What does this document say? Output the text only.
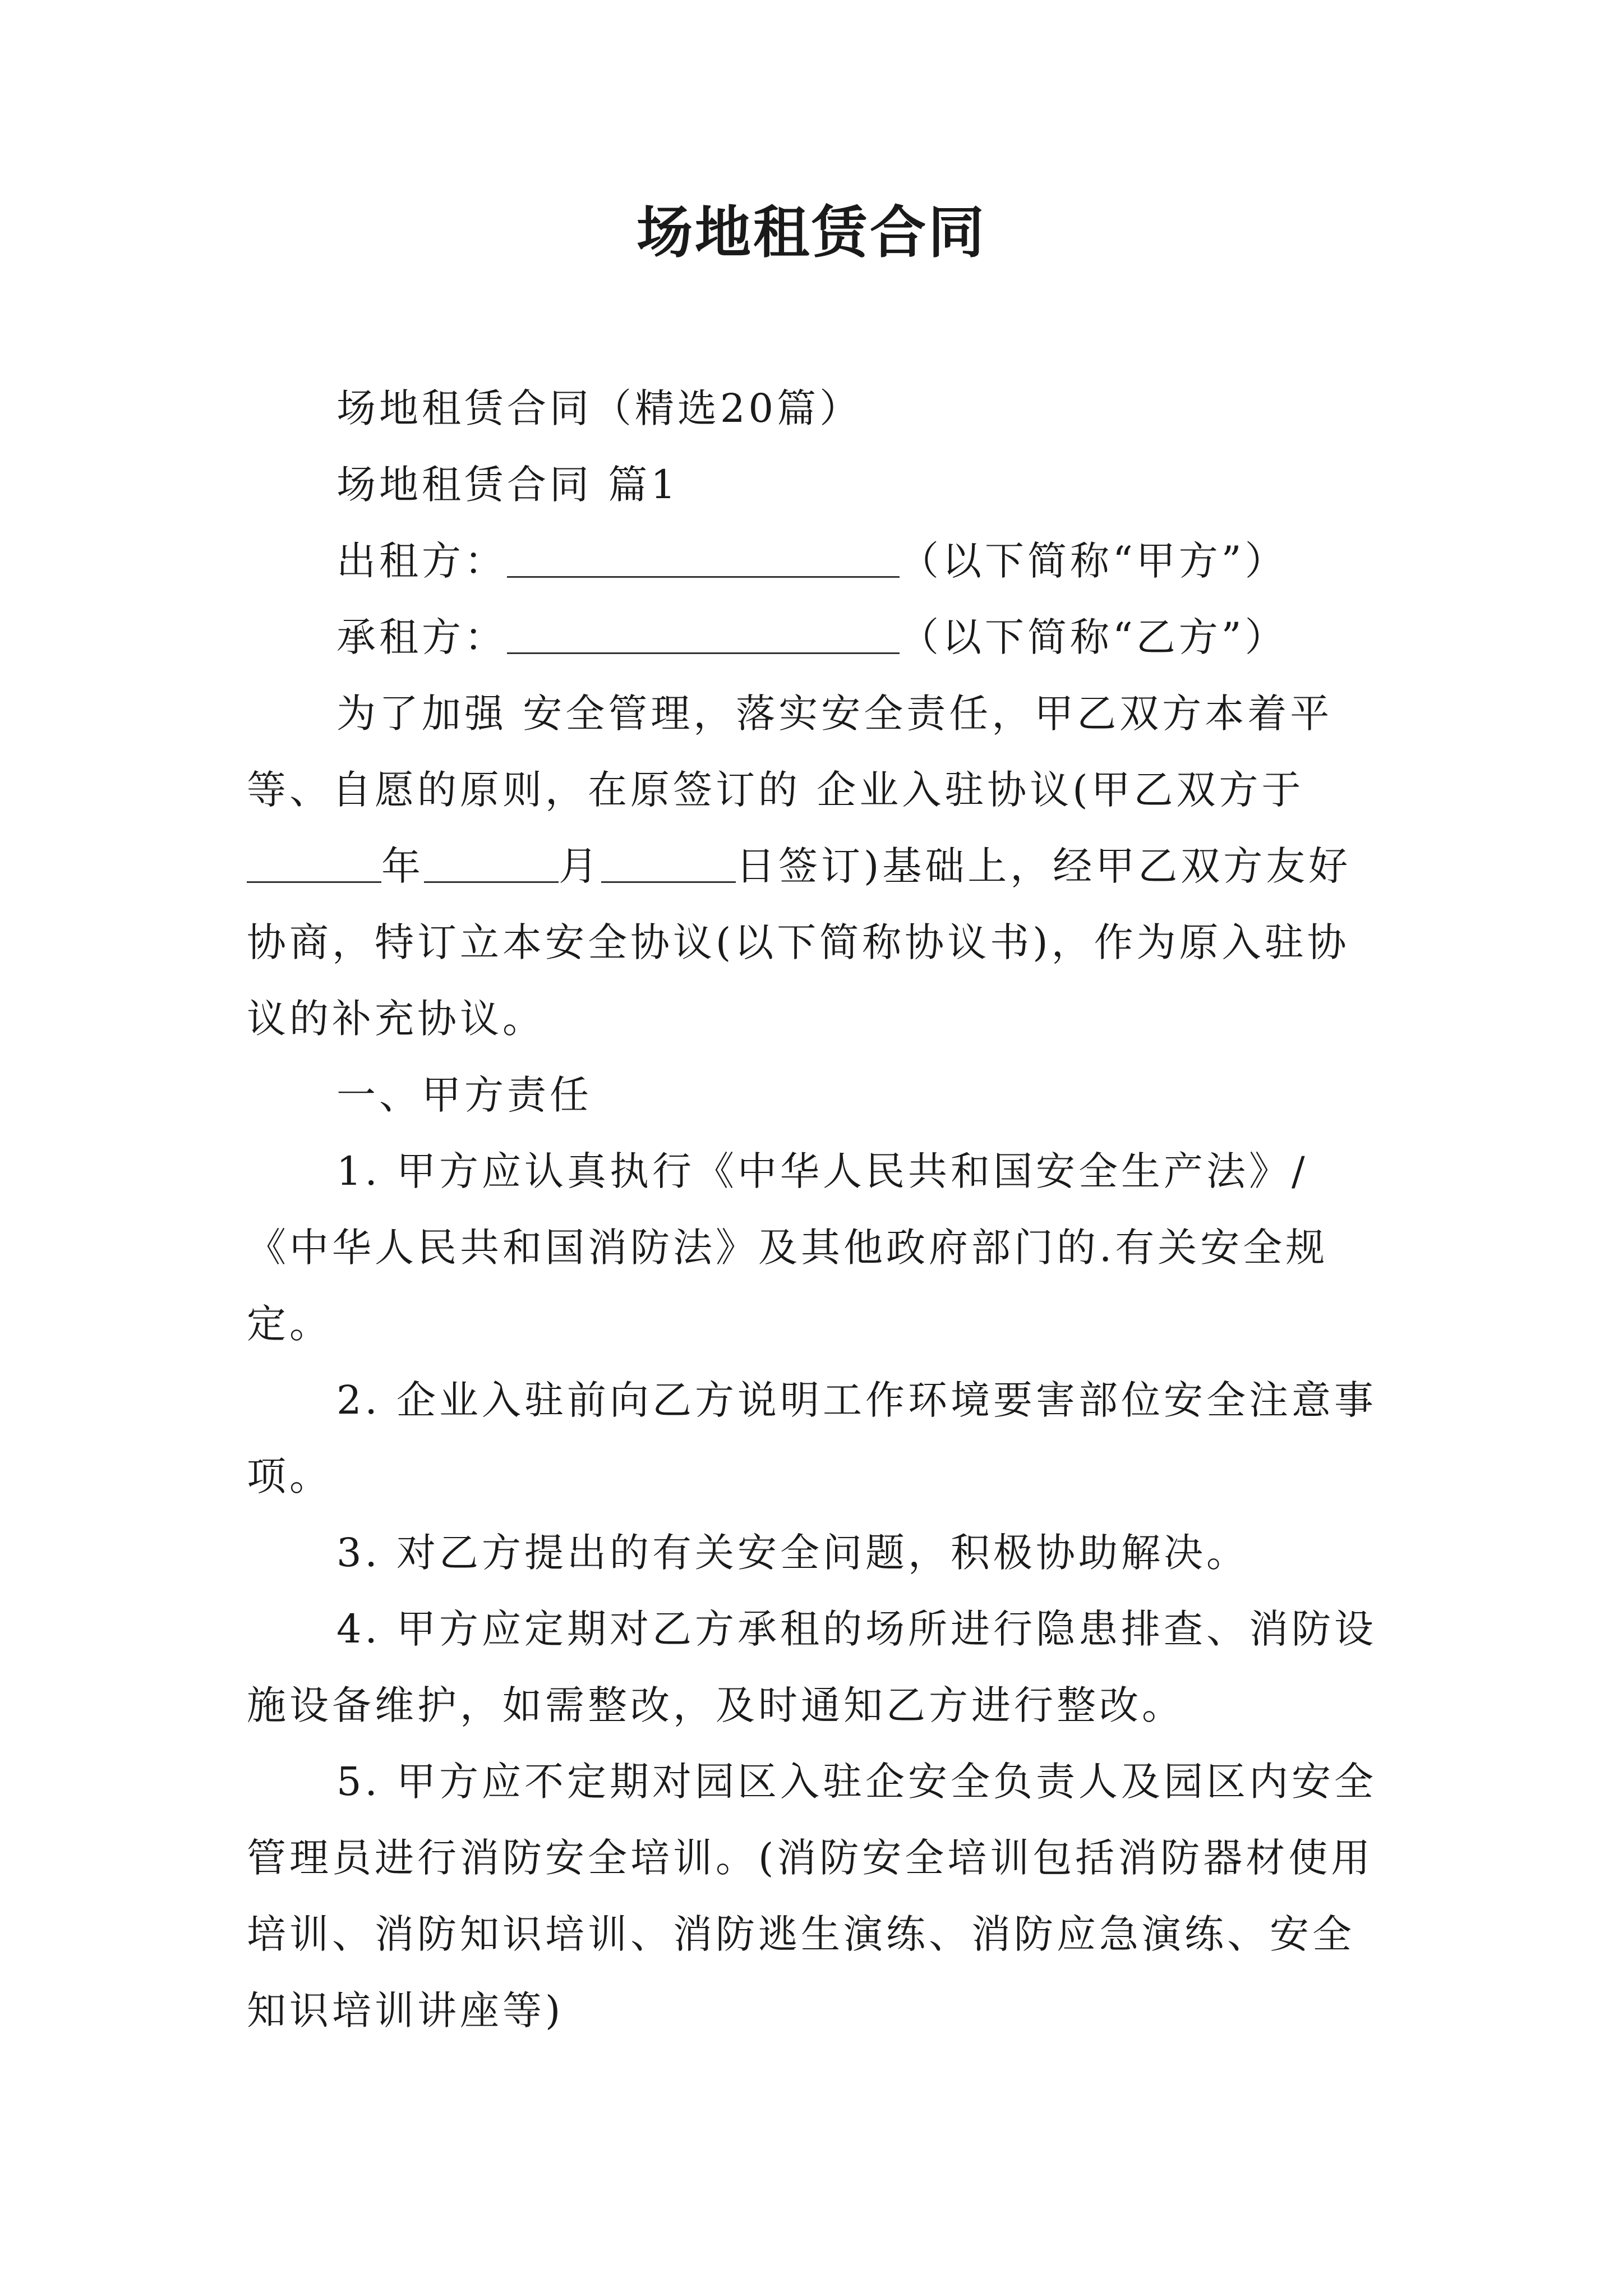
场地租赁合同

场地租赁合同（精选20篇）

场地租赁合同 篇1

出租方：	（以下简称“甲方”）

承租方：	（以下简称“乙方”）

为了加强 安全管理，落实安全责任，甲乙双方本着平等、自愿的原则，在原签订的 企业入驻协议(甲乙双方于年	月	日签订)基础上，经甲乙双方友好协商，特订立本安全协议(以下简称协议书)，作为原入驻协议的补充协议。

一、甲方责任

1. 甲方应认真执行《中华人民共和国安全生产法》/《中华人民共和国消防法》及其他政府部门的.有关安全规定。

2. 企业入驻前向乙方说明工作环境要害部位安全注意事项。

3. 对乙方提出的有关安全问题，积极协助解决。

4. 甲方应定期对乙方承租的场所进行隐患排查、消防设施设备维护，如需整改，及时通知乙方进行整改。

5. 甲方应不定期对园区入驻企安全负责人及园区内安全管理员进行消防安全培训。(消防安全培训包括消防器材使用培训、消防知识培训、消防逃生演练、消防应急演练、安全知识培训讲座等)
